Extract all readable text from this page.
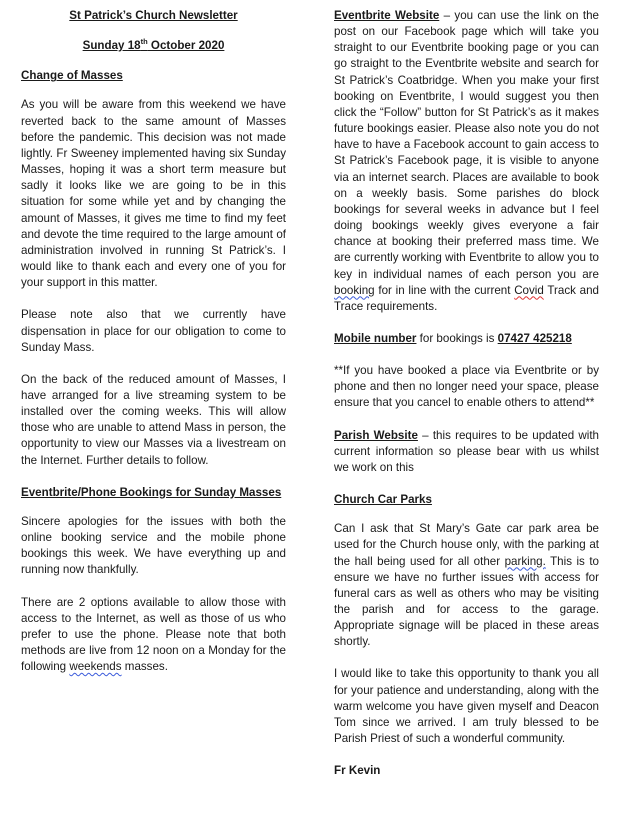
St Patrick’s Church Newsletter

Sunday 18th October 2020

Change of Masses

As you will be aware from this weekend we have reverted back to the same amount of Masses before the pandemic. This decision was not made lightly. Fr Sweeney implemented having six Sunday Masses, hoping it was a short term measure but sadly it looks like we are going to be in this situation for some while yet and by changing the amount of Masses, it gives me time to find my feet and devote the time required to the large amount of administration involved in running St Patrick’s. I would like to thank each and every one of you for your support in this matter.

Please note also that we currently have dispensation in place for our obligation to come to Sunday Mass.

On the back of the reduced amount of Masses, I have arranged for a live streaming system to be installed over the coming weeks. This will allow those who are unable to attend Mass in person, the opportunity to view our Masses via a livestream on the Internet. Further details to follow.

Eventbrite/Phone Bookings for Sunday Masses

Sincere apologies for the issues with both the online booking service and the mobile phone bookings this week. We have everything up and running now thankfully.

There are 2 options available to allow those with access to the Internet, as well as those of us who prefer to use the phone. Please note that both methods are live from 12 noon on a Monday for the following weekends masses.

Eventbrite Website – you can use the link on the post on our Facebook page which will take you straight to our Eventbrite booking page or you can go straight to the Eventbrite website and search for St Patrick’s Coatbridge. When you make your first booking on Eventbrite, I would suggest you then click the “Follow” button for St Patrick’s as it makes future bookings easier. Please also note you do not have to have a Facebook account to gain access to St Patrick’s Facebook page, it is visible to anyone via an internet search. Places are available to book on a weekly basis. Some parishes do block bookings for several weeks in advance but I feel doing bookings weekly gives everyone a fair chance at booking their preferred mass time. We are currently working with Eventbrite to allow you to key in individual names of each person you are booking for in line with the current Covid Track and Trace requirements.

Mobile number for bookings is 07427 425218

**If you have booked a place via Eventbrite or by phone and then no longer need your space, please ensure that you cancel to enable others to attend**

Parish Website – this requires to be updated with current information so please bear with us whilst we work on this

Church Car Parks

Can I ask that St Mary’s Gate car park area be used for the Church house only, with the parking at the hall being used for all other parking. This is to ensure we have no further issues with access for funeral cars as well as others who may be visiting the parish and for access to the garage. Appropriate signage will be placed in these areas shortly.

I would like to take this opportunity to thank you all for your patience and understanding, along with the warm welcome you have given myself and Deacon Tom since we arrived. I am truly blessed to be Parish Priest of such a wonderful community.

Fr Kevin
